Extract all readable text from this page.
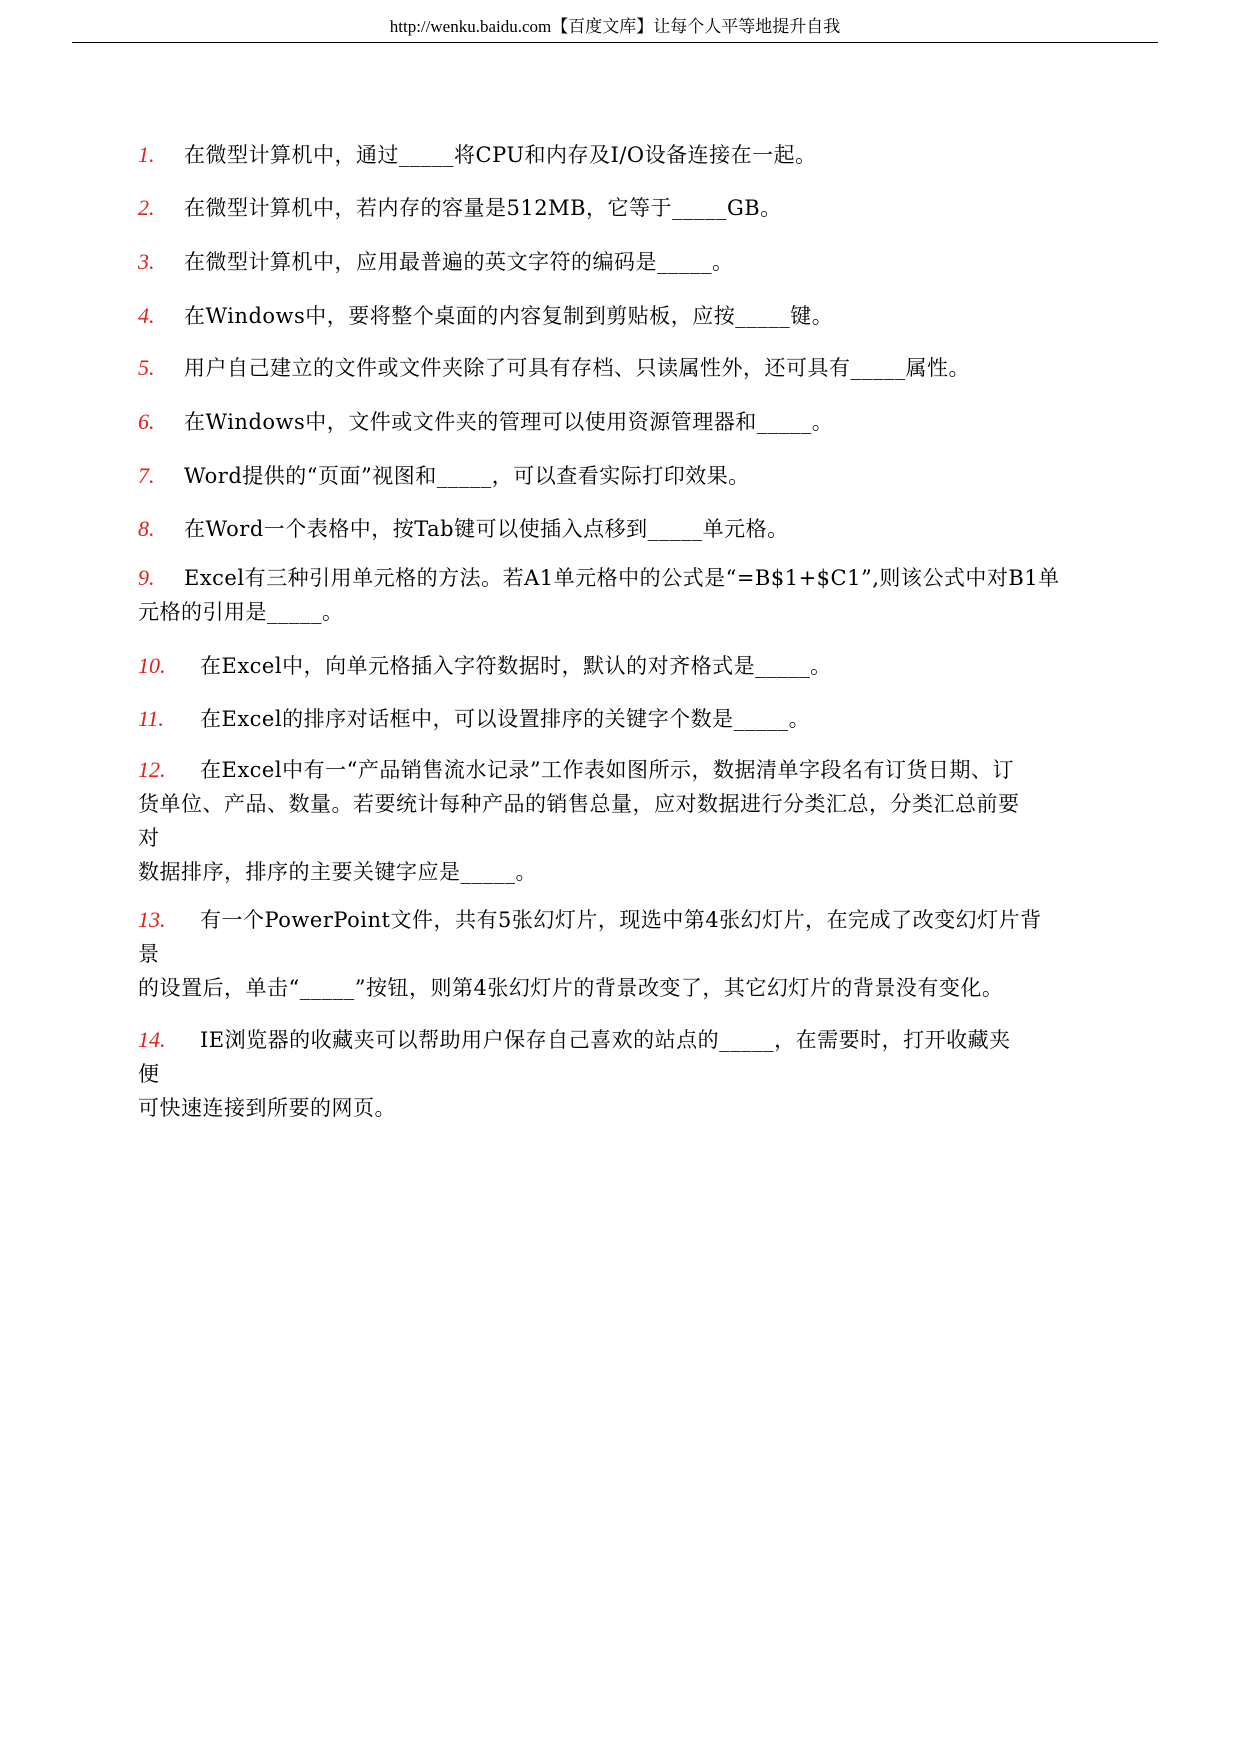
http://wenku.baidu.com【百度文库】让每个人平等地提升自我
1. 在微型计算机中，通过_____将CPU和内存及I/O设备连接在一起。
2. 在微型计算机中，若内存的容量是512MB，它等于_____GB。
3. 在微型计算机中，应用最普遍的英文字符的编码是_____。
4. 在Windows中，要将整个桌面的内容复制到剪贴板，应按_____键。
5. 用户自己建立的文件或文件夹除了可具有存档、只读属性外，还可具有_____属性。
6. 在Windows中，文件或文件夹的管理可以使用资源管理器和_____。
7. Word提供的“页面”视图和_____，可以查看实际打印效果。
8. 在Word一个表格中，按Tab键可以使插入点移到_____单元格。
9. Excel有三种引用单元格的方法。若A1单元格中的公式是“=B$1+$C1”,则该公式中对B1单
元格的引用是_____。
10. 在Excel中，向单元格插入字符数据时，默认的对齐格式是_____。
11. 在Excel的排序对话框中，可以设置排序的关键字个数是_____。
12. 在Excel中有一“产品销售流水记录”工作表如图所示，数据清单字段名有订货日期、订
货单位、产品、数量。若要统计每种产品的销售总量，应对数据进行分类汇总，分类汇总前要
对
数据排序，排序的主要关键字应是_____。
13. 有一个PowerPoint文件，共有5张幻灯片，现选中第4张幻灯片，在完成了改变幻灯片背
景
的设置后，单击“_____”按钮，则第4张幻灯片的背景改变了，其它幻灯片的背景没有变化。
14. IE浏览器的收藏夹可以帮助用户保存自己喜欢的站点的_____，在需要时，打开收藏夹
便
可快速连接到所要的网页。
